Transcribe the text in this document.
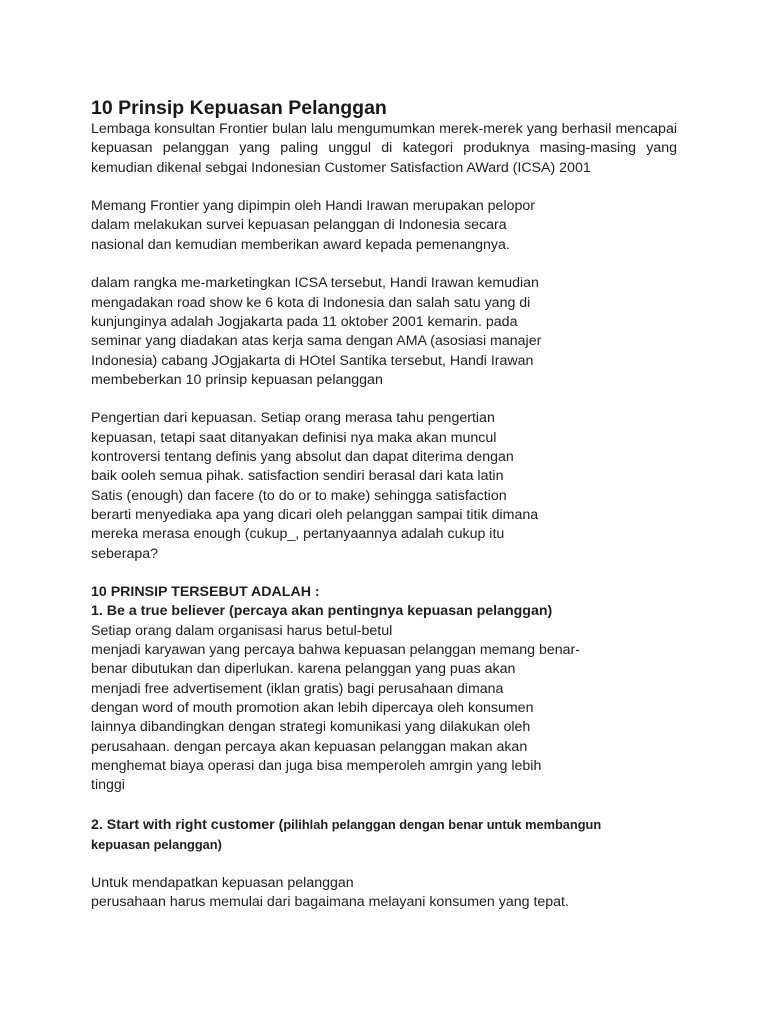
10 Prinsip Kepuasan Pelanggan

Lembaga konsultan Frontier bulan lalu mengumumkan merek-merek yang berhasil mencapai kepuasan pelanggan yang paling unggul di kategori produknya masing-masing yang kemudian dikenal sebgai Indonesian Customer Satisfaction AWard (ICSA) 2001

Memang Frontier yang dipimpin oleh Handi Irawan merupakan pelopor
dalam melakukan survei kepuasan pelanggan di Indonesia secara
nasional dan kemudian memberikan award kepada pemenangnya.

dalam rangka me-marketingkan ICSA tersebut, Handi Irawan kemudian
mengadakan road show ke 6 kota di Indonesia dan salah satu yang di
kunjunginya adalah Jogjakarta pada 11 oktober 2001 kemarin. pada
seminar yang diadakan atas kerja sama dengan AMA (asosiasi manajer
Indonesia) cabang JOgjakarta di HOtel Santika tersebut, Handi Irawan
membeberkan 10 prinsip kepuasan pelanggan

Pengertian dari kepuasan. Setiap orang merasa tahu pengertian
kepuasan, tetapi saat ditanyakan definisi nya maka akan muncul
kontroversi tentang definis yang absolut dan dapat diterima dengan
baik ooleh semua pihak. satisfaction sendiri berasal dari kata latin
Satis (enough) dan facere (to do or to make) sehingga satisfaction
berarti menyediaka apa yang dicari oleh pelanggan sampai titik dimana
mereka merasa enough (cukup_, pertanyaannya adalah cukup itu
seberapa?

10 PRINSIP TERSEBUT ADALAH :
1. Be a true believer (percaya akan pentingnya kepuasan pelanggan)
Setiap orang dalam organisasi harus betul-betul
menjadi karyawan yang percaya bahwa kepuasan pelanggan memang benar-
benar dibutukan dan diperlukan. karena pelanggan yang puas akan
menjadi free advertisement (iklan gratis) bagi perusahaan dimana
dengan word of mouth promotion akan lebih dipercaya oleh konsumen
lainnya dibandingkan dengan strategi komunikasi yang dilakukan oleh
perusahaan. dengan percaya akan kepuasan pelanggan makan akan
menghemat biaya operasi dan juga bisa memperoleh amrgin yang lebih
tinggi

2. Start with right customer (pilihlah pelanggan dengan benar untuk membangun
kepuasan pelanggan)

Untuk mendapatkan kepuasan pelanggan
perusahaan harus memulai dari bagaimana melayani konsumen yang tepat.
